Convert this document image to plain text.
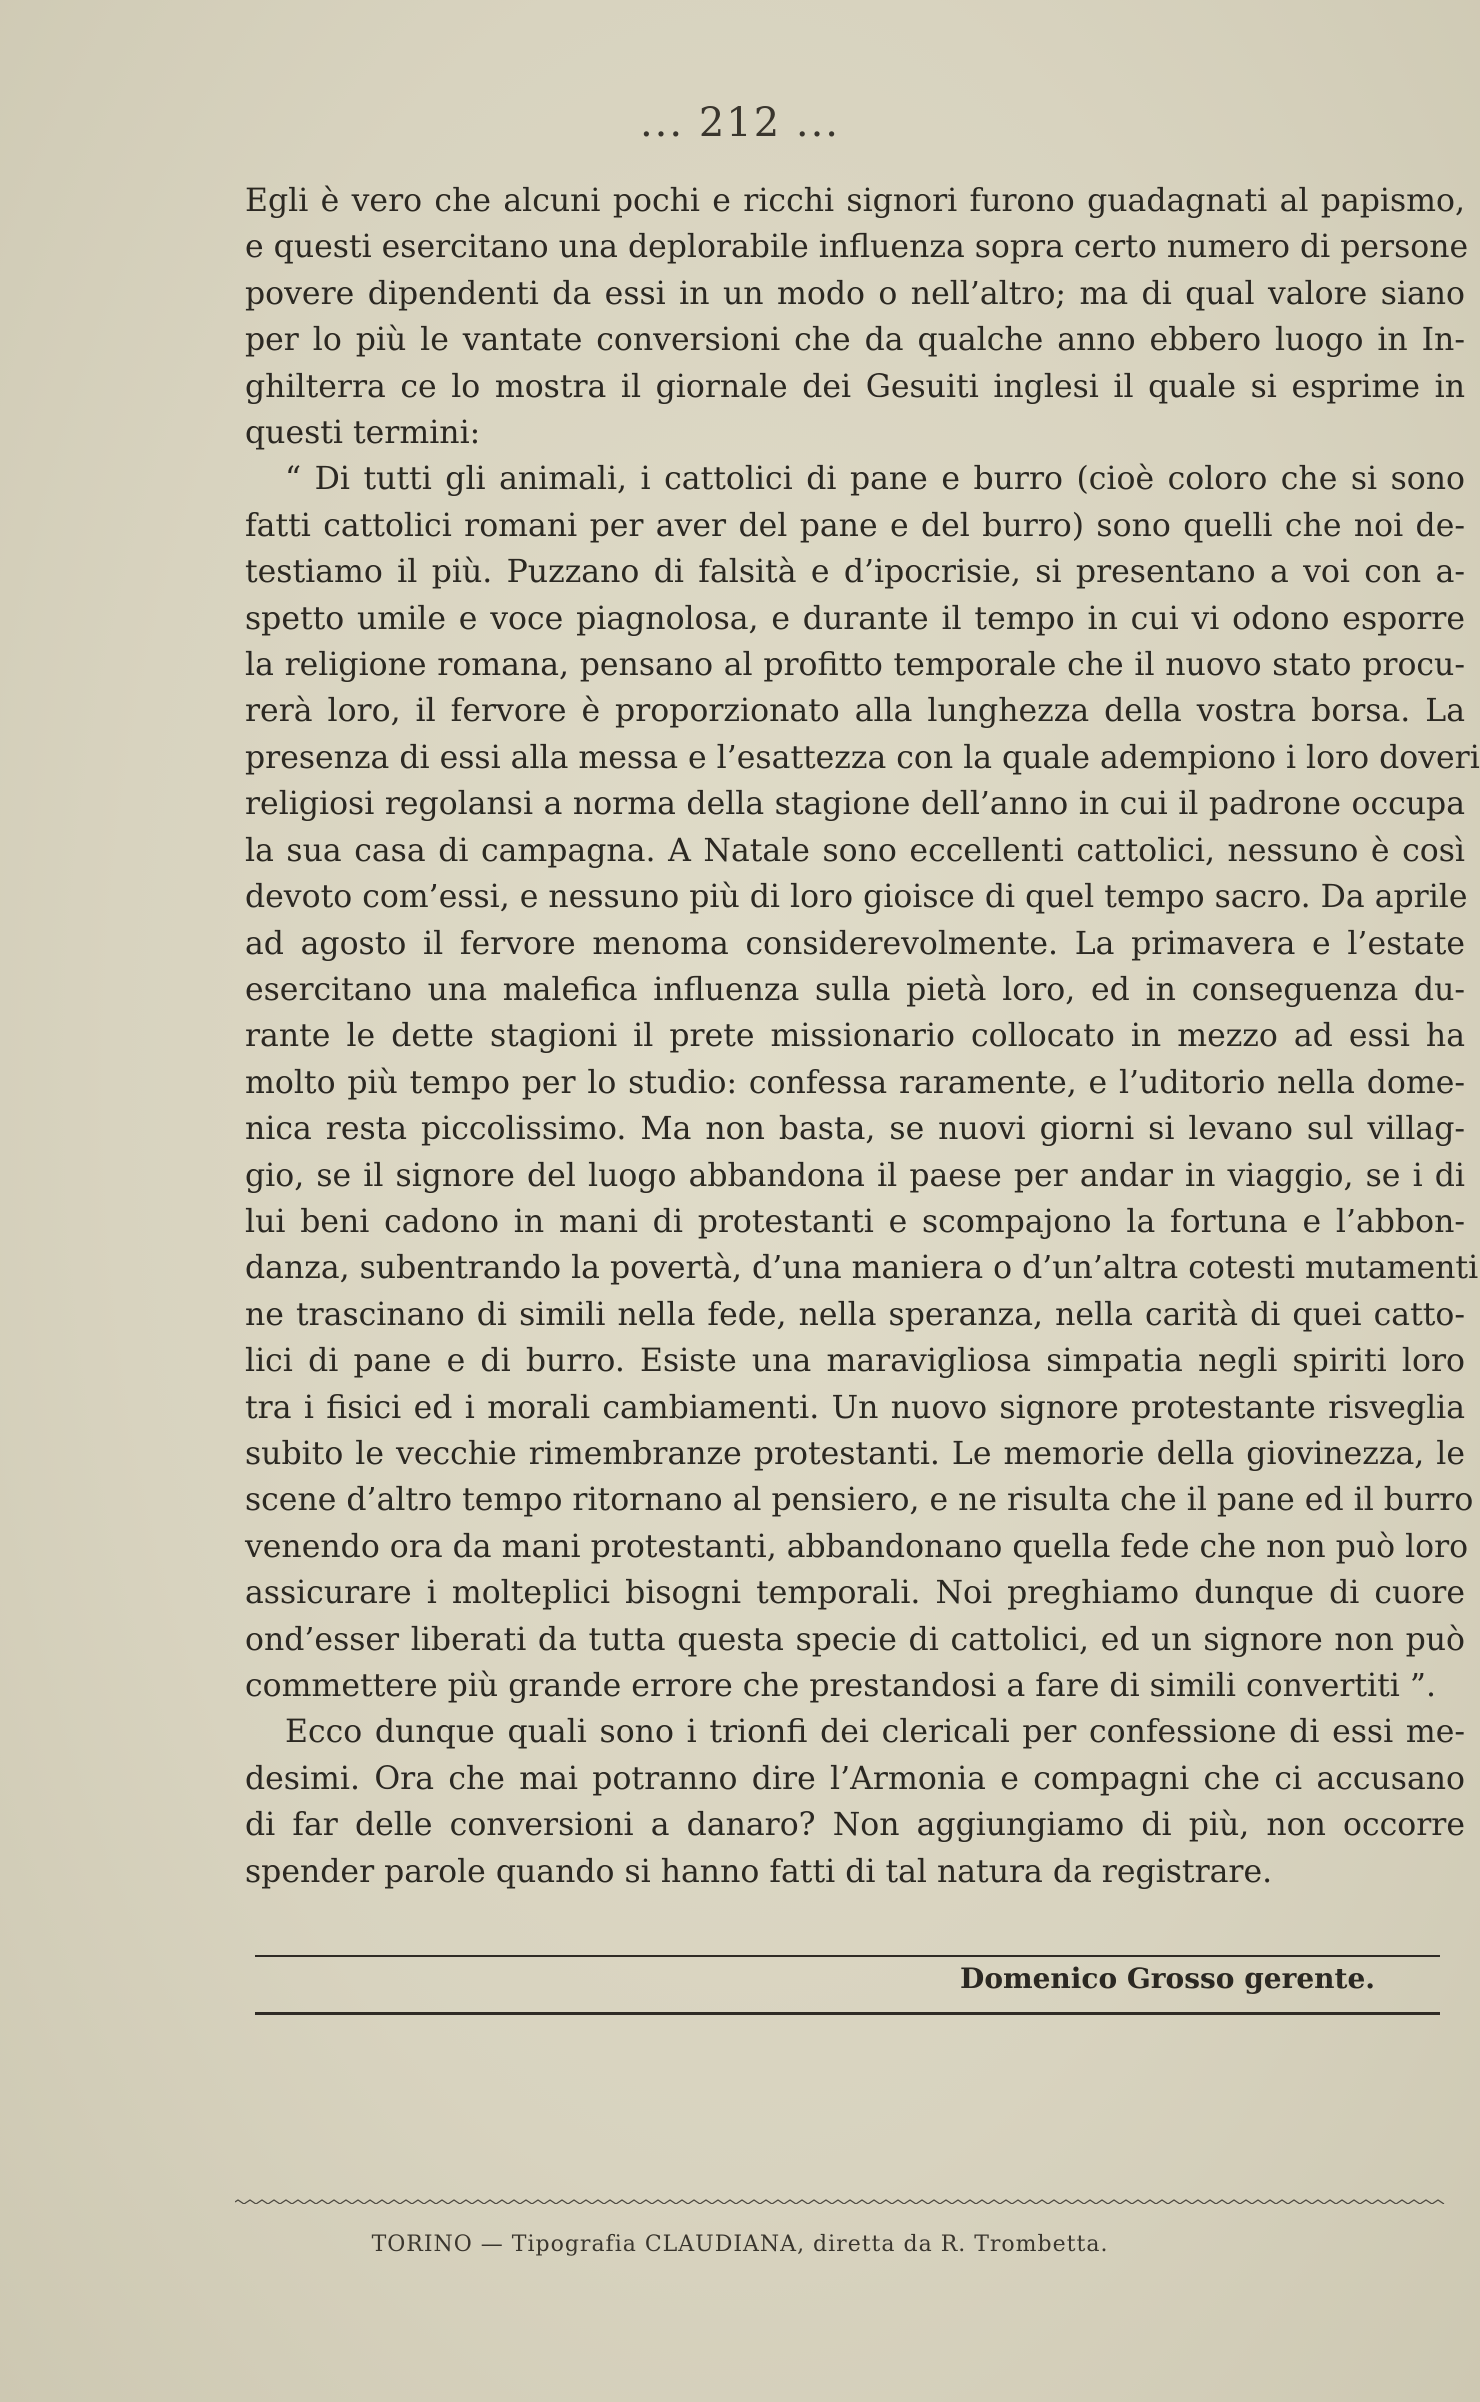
... 212 ...

Egli è vero che alcuni pochi e ricchi signori furono guadagnati al papismo,
e questi esercitano una deplorabile influenza sopra certo numero di persone
povere dipendenti da essi in un modo o nell’altro; ma di qual valore siano
per lo più le vantate conversioni che da qualche anno ebbero luogo in In-
ghilterra ce lo mostra il giornale dei Gesuiti inglesi il quale si esprime in
questi termini:

“ Di tutti gli animali, i cattolici di pane e burro (cioè coloro che si sono
fatti cattolici romani per aver del pane e del burro) sono quelli che noi de-
testiamo il più. Puzzano di falsità e d’ipocrisie, si presentano a voi con a-
spetto umile e voce piagnolosa, e durante il tempo in cui vi odono esporre
la religione romana, pensano al profitto temporale che il nuovo stato procu-
rerà loro, il fervore è proporzionato alla lunghezza della vostra borsa. La
presenza di essi alla messa e l’esattezza con la quale adempiono i loro doveri
religiosi regolansi a norma della stagione dell’anno in cui il padrone occupa
la sua casa di campagna. A Natale sono eccellenti cattolici, nessuno è così
devoto com’essi, e nessuno più di loro gioisce di quel tempo sacro. Da aprile
ad agosto il fervore menoma considerevolmente. La primavera e l’estate
esercitano una malefica influenza sulla pietà loro, ed in conseguenza du-
rante le dette stagioni il prete missionario collocato in mezzo ad essi ha
molto più tempo per lo studio: confessa raramente, e l’uditorio nella dome-
nica resta piccolissimo. Ma non basta, se nuovi giorni si levano sul villag-
gio, se il signore del luogo abbandona il paese per andar in viaggio, se i di
lui beni cadono in mani di protestanti e scompajono la fortuna e l’abbon-
danza, subentrando la povertà, d’una maniera o d’un’altra cotesti mutamenti
ne trascinano di simili nella fede, nella speranza, nella carità di quei catto-
lici di pane e di burro. Esiste una maravigliosa simpatia negli spiriti loro
tra i fisici ed i morali cambiamenti. Un nuovo signore protestante risveglia
subito le vecchie rimembranze protestanti. Le memorie della giovinezza, le
scene d’altro tempo ritornano al pensiero, e ne risulta che il pane ed il burro
venendo ora da mani protestanti, abbandonano quella fede che non può loro
assicurare i molteplici bisogni temporali. Noi preghiamo dunque di cuore
ond’esser liberati da tutta questa specie di cattolici, ed un signore non può
commettere più grande errore che prestandosi a fare di simili convertiti ”.

Ecco dunque quali sono i trionfi dei clericali per confessione di essi me-
desimi. Ora che mai potranno dire l’Armonia e compagni che ci accusano
di far delle conversioni a danaro? Non aggiungiamo di più, non occorre
spender parole quando si hanno fatti di tal natura da registrare.

Domenico Grosso gerente.
TORINO — Tipografia CLAUDIANA, diretta da R. Trombetta.
